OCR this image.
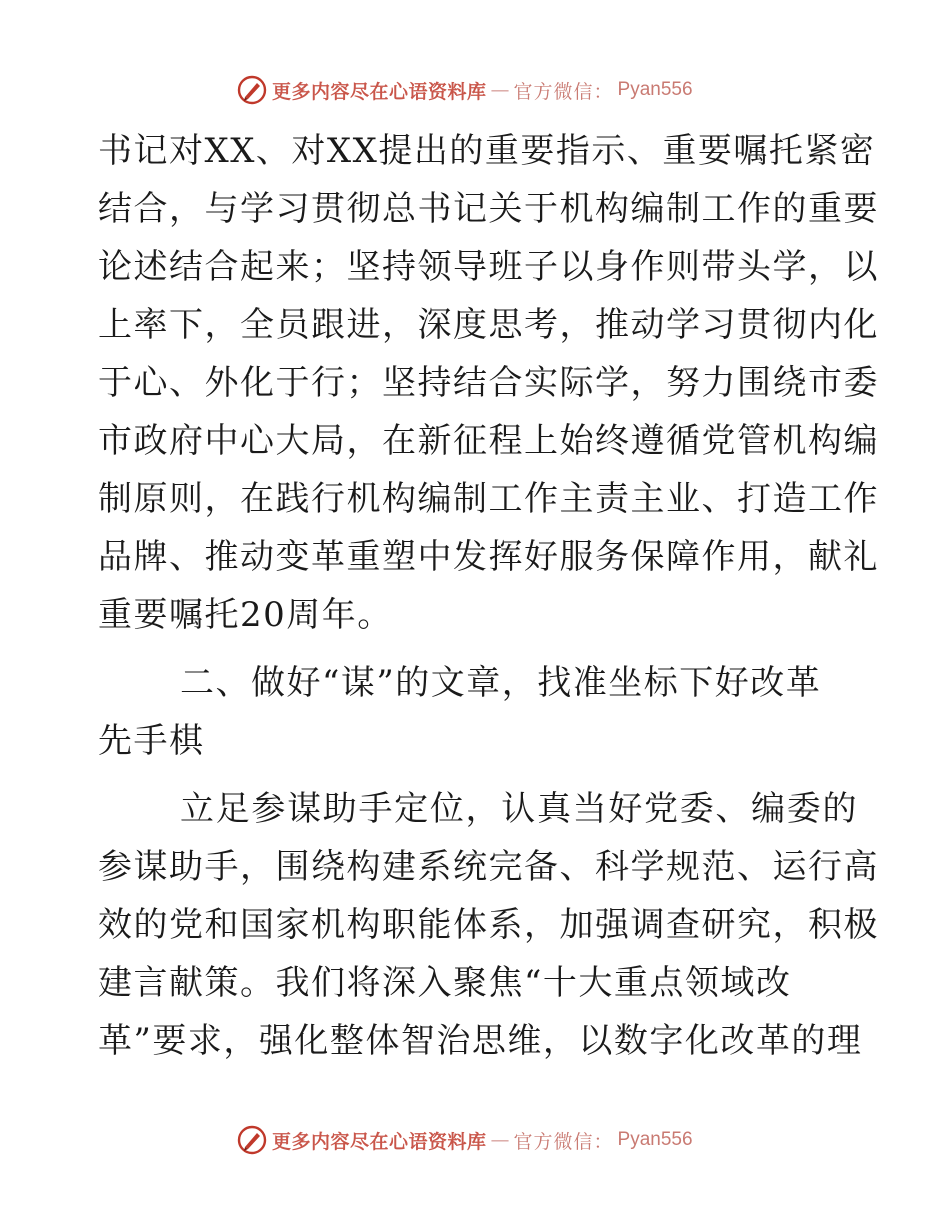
更多内容尽在心语资料库 — 官方微信： Pyan556
书记对XX、对XX提出的重要指示、重要嘱托紧密
结合，与学习贯彻总书记关于机构编制工作的重要
论述结合起来；坚持领导班子以身作则带头学，以
上率下，全员跟进，深度思考，推动学习贯彻内化
于心、外化于行；坚持结合实际学，努力围绕市委
市政府中心大局，在新征程上始终遵循党管机构编
制原则，在践行机构编制工作主责主业、打造工作
品牌、推动变革重塑中发挥好服务保障作用，献礼
重要嘱托20周年。
二、做好“谋”的文章，找准坐标下好改革
先手棋
立足参谋助手定位，认真当好党委、编委的
参谋助手，围绕构建系统完备、科学规范、运行高
效的党和国家机构职能体系，加强调查研究，积极
建言献策。我们将深入聚焦“十大重点领域改
革”要求，强化整体智治思维，以数字化改革的理
更多内容尽在心语资料库 — 官方微信： Pyan556
